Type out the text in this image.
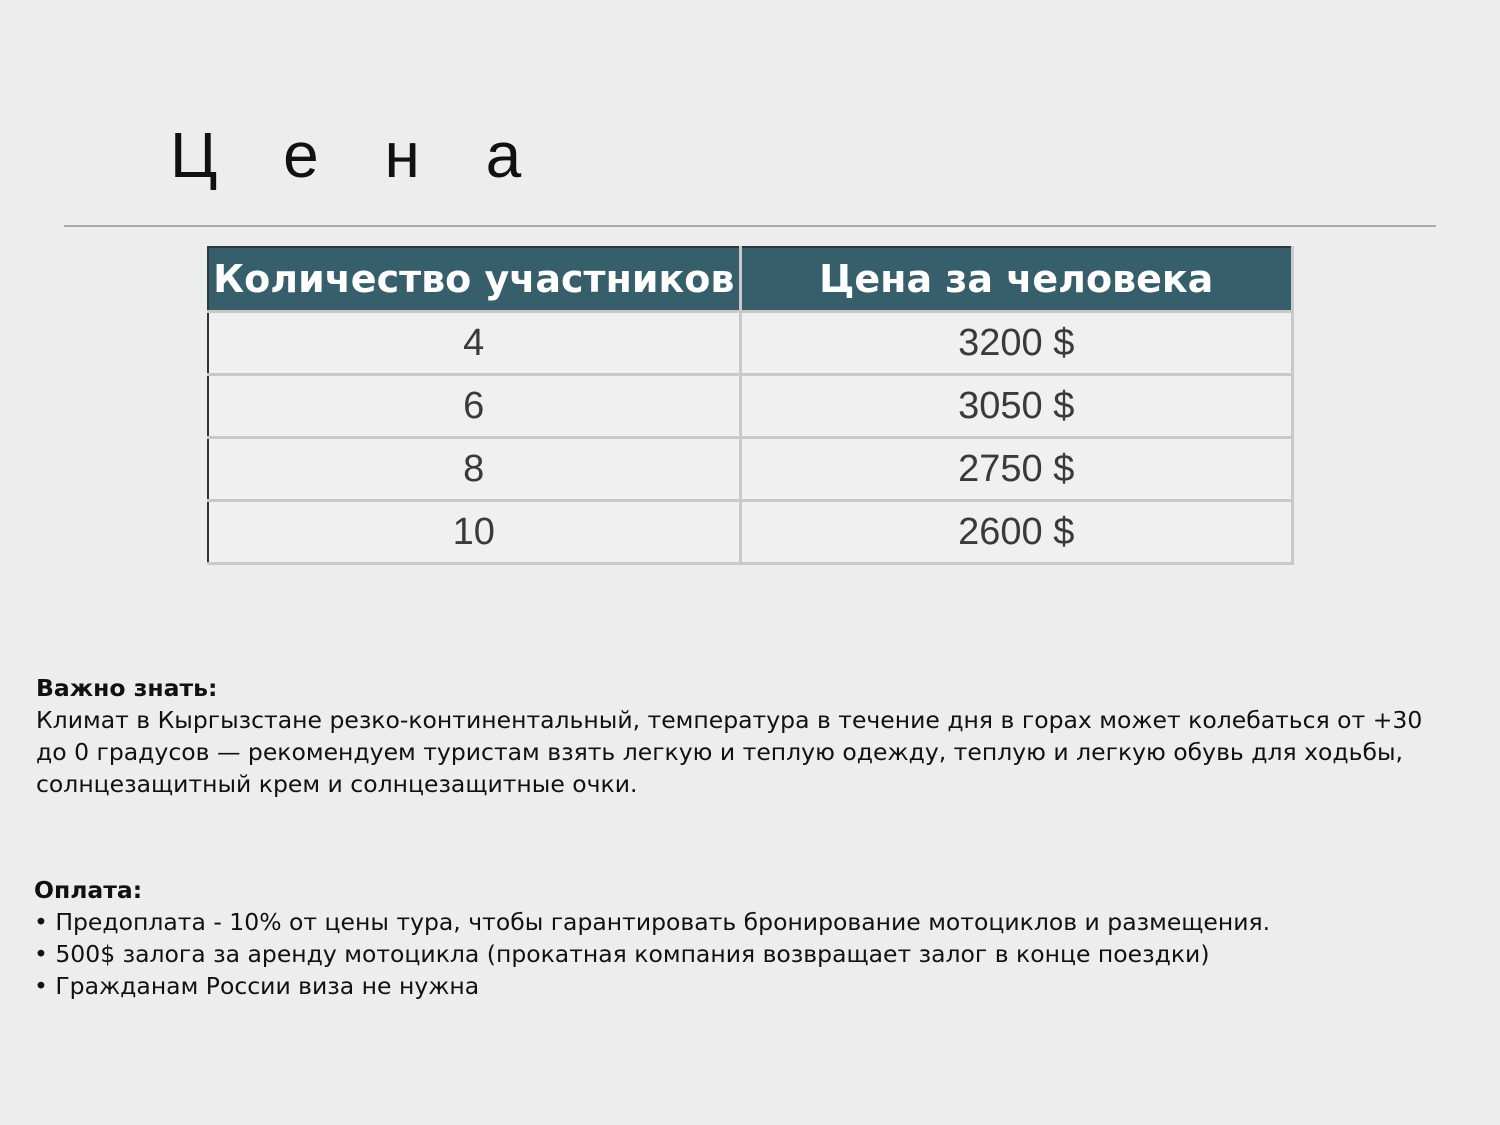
Ц е н а
Количество участников	Цена за человека
4	3200 $
6	3050 $
8	2750 $
10	2600 $
Важно знать:
Климат в Кыргызстане резко-континентальный, температура в течение дня в горах может колебаться от +30 до 0 градусов — рекомендуем туристам взять легкую и теплую одежду, теплую и легкую обувь для ходьбы, солнцезащитный крем и солнцезащитные очки.
Оплата:
• Предоплата - 10% от цены тура, чтобы гарантировать бронирование мотоциклов и размещения.
• 500$ залога за аренду мотоцикла (прокатная компания возвращает залог в конце поездки)
• Гражданам России виза не нужна
